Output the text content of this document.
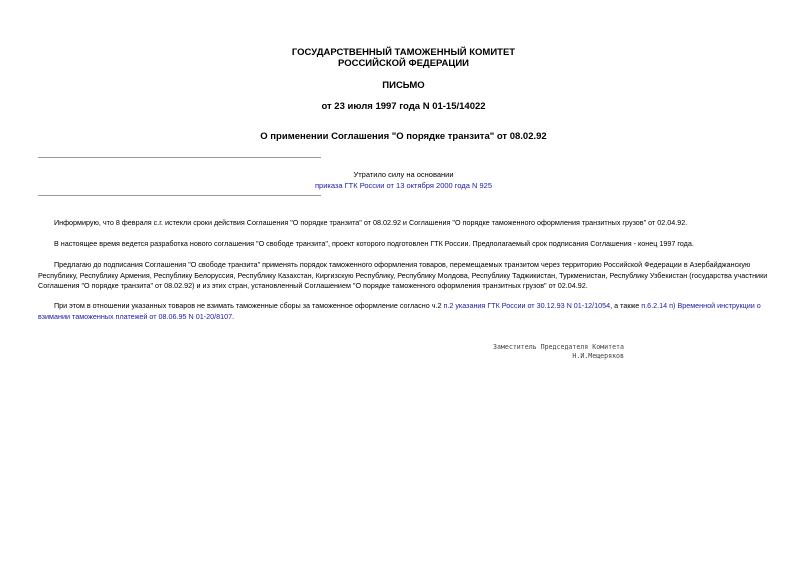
ГОСУДАРСТВЕННЫЙ ТАМОЖЕННЫЙ КОМИТЕТ
РОССИЙСКОЙ ФЕДЕРАЦИИ
ПИСЬМО
от 23 июля 1997 года N 01-15/14022
О применении Соглашения "О порядке транзита" от 08.02.92
Утратило силу на основании
приказа ГТК России от 13 октября 2000 года N 925
Информирую, что 8 февраля с.г. истекли сроки действия Соглашения "О порядке транзита" от 08.02.92 и Соглашения "О порядке таможенного оформления транзитных грузов" от 02.04.92.
В настоящее время ведется разработка нового соглашения "О свободе транзита", проект которого подготовлен ГТК России. Предполагаемый срок подписания Соглашения - конец 1997 года.
Предлагаю до подписания Соглашения "О свободе транзита" применять порядок таможенного оформления товаров, перемещаемых транзитом через территорию Российской Федерации в Азербайджанскую Республику, Республику Армения, Республику Белоруссия, Республику Казахстан, Киргизскую Республику, Республику Молдова, Республику Таджикистан, Туркменистан, Республику Узбекистан (государства участники Соглашения "О порядке транзита" от 08.02.92) и из этих стран, установленный Соглашением "О порядке таможенного оформления транзитных грузов" от 02.04.92.
При этом в отношении указанных товаров не взимать таможенные сборы за таможенное оформление согласно ч.2 п.2 указания ГТК России от 30.12.93 N 01-12/1054, а также п.6.2.14 п) Временной инструкции о взимании таможенных платежей от 08.06.95 N 01-20/8107.
Заместитель Председателя Комитета
Н.И.Мещеряков
